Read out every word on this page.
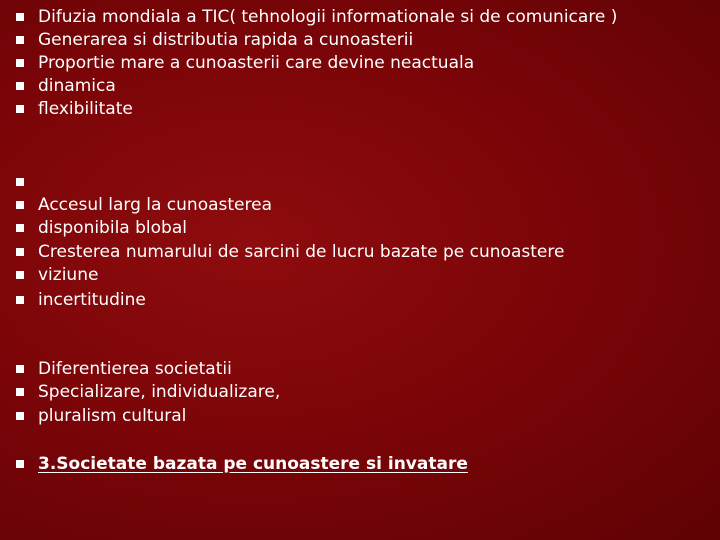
Difuzia mondiala a TIC( tehnologii informationale si de comunicare )
Generarea si distributia rapida a cunoasterii
Proportie mare a cunoasterii care devine neactuala
dinamica
flexibilitate
Accesul larg la cunoasterea
disponibila blobal
Cresterea numarului de sarcini de lucru bazate pe cunoastere
viziune
incertitudine
Diferentierea societatii
Specializare, individualizare,
pluralism cultural
3.Societate bazata pe cunoastere si invatare
